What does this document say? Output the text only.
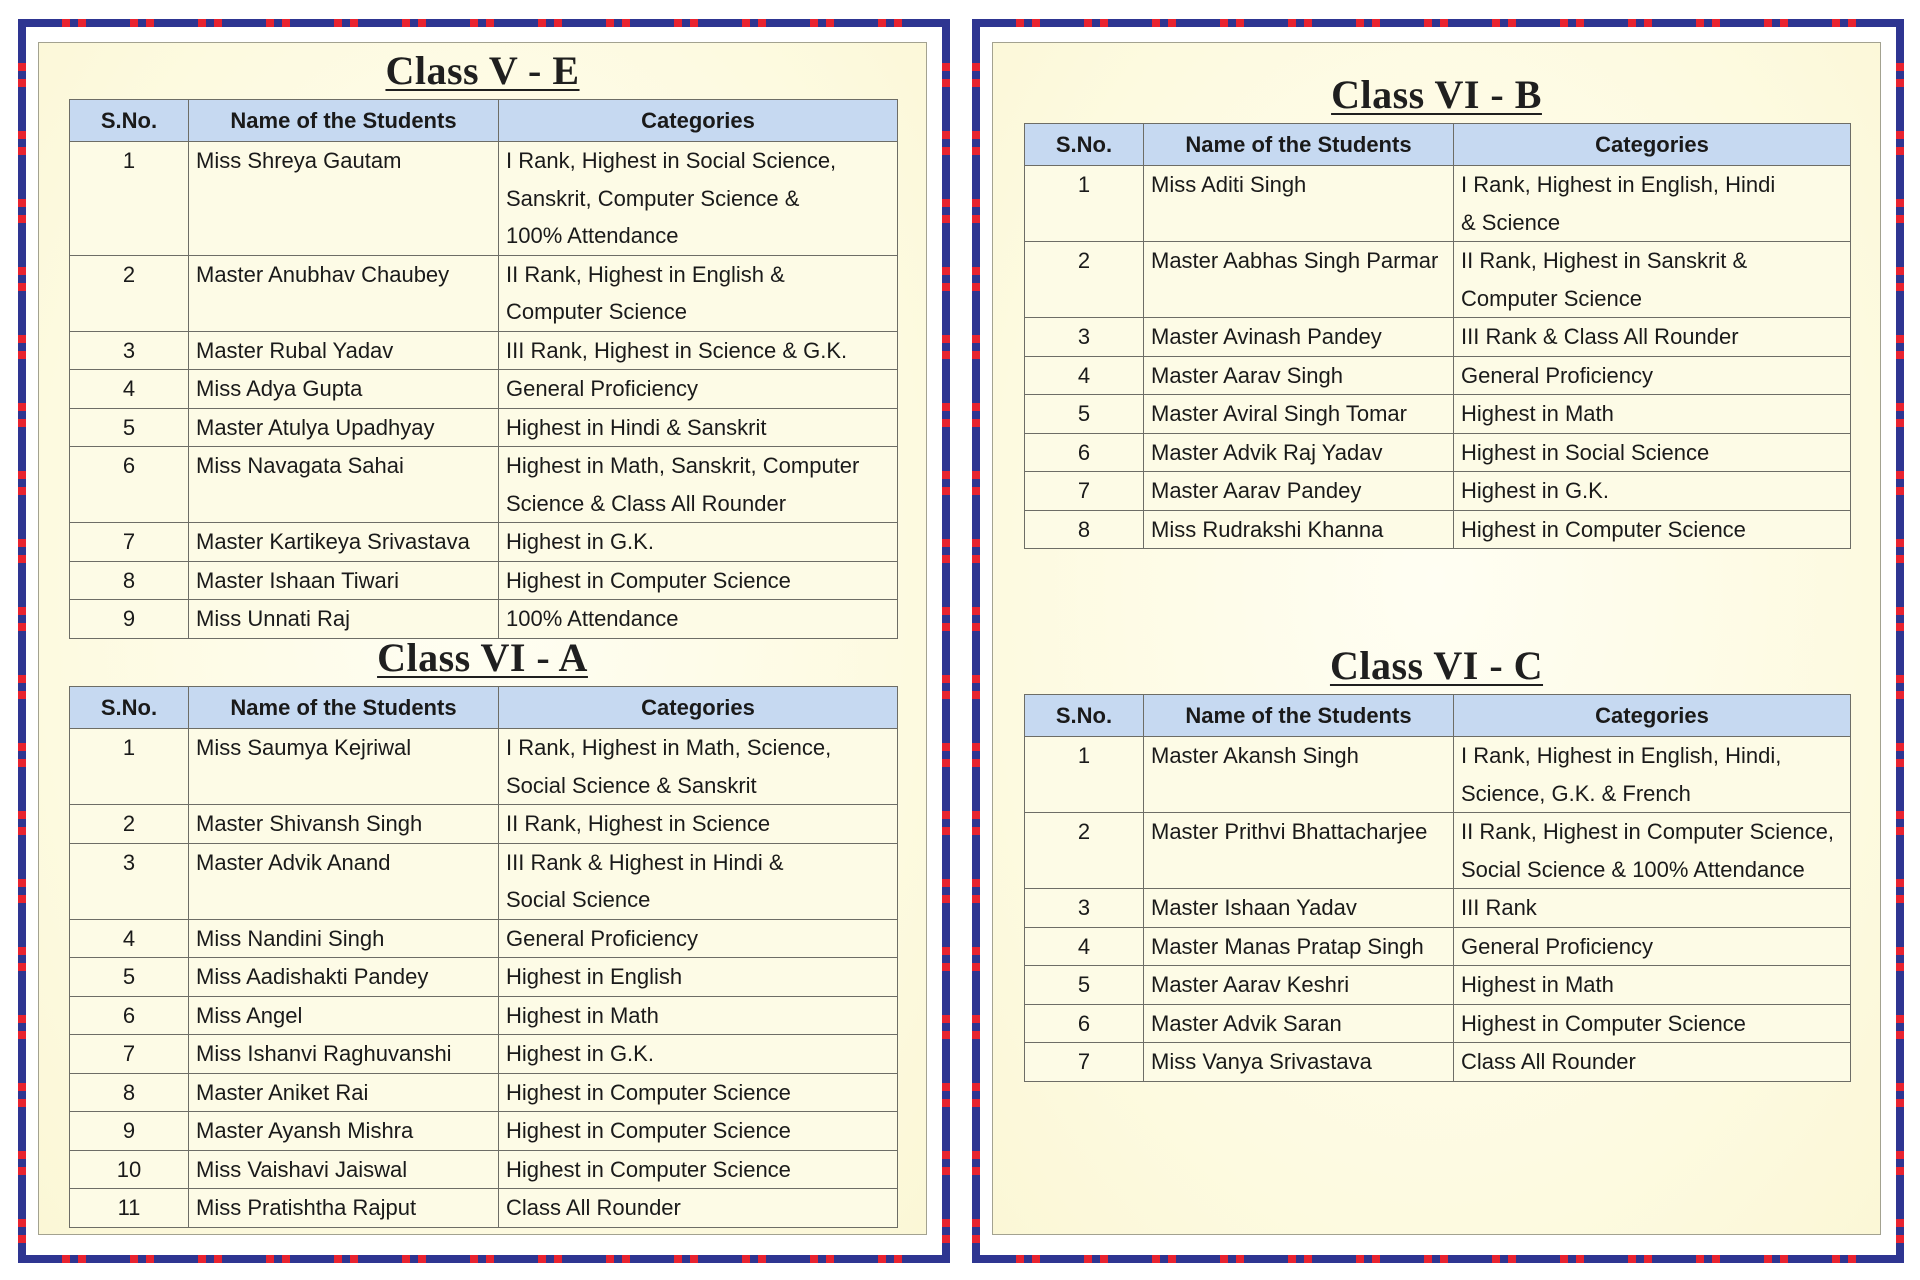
Class V - E
S.No.	Name of the Students	Categories
1	Miss Shreya Gautam	I Rank, Highest in Social Science,
Sanskrit, Computer Science &
100% Attendance

2	Master Anubhav Chaubey	II Rank, Highest in English &
Computer Science

3	Master Rubal Yadav	III Rank, Highest in Science & G.K.

4	Miss Adya Gupta	General Proficiency

5	Master Atulya Upadhyay	Highest in Hindi & Sanskrit

6	Miss Navagata Sahai	Highest in Math, Sanskrit, Computer
Science & Class All Rounder

7	Master Kartikeya Srivastava	Highest in G.K.

8	Master Ishaan Tiwari	Highest in Computer Science

9	Miss Unnati Raj	100% Attendance
Class VI - A
S.No.	Name of the Students	Categories
1	Miss Saumya Kejriwal	I Rank, Highest in Math, Science,
Social Science & Sanskrit

2	Master Shivansh Singh	II Rank, Highest in Science

3	Master Advik Anand	III Rank & Highest in Hindi &
Social Science

4	Miss Nandini Singh	General Proficiency

5	Miss Aadishakti Pandey	Highest in English

6	Miss Angel	Highest in Math

7	Miss Ishanvi Raghuvanshi	Highest in G.K.

8	Master Aniket Rai	Highest in Computer Science

9	Master Ayansh Mishra	Highest in Computer Science

10	Miss Vaishavi Jaiswal	Highest in Computer Science

11	Miss Pratishtha Rajput	Class All Rounder
Class VI - B
S.No.	Name of the Students	Categories
1	Miss Aditi Singh	I Rank, Highest in English, Hindi
& Science

2	Master Aabhas Singh Parmar	II Rank, Highest in Sanskrit &
Computer Science

3	Master Avinash Pandey	III Rank & Class All Rounder

4	Master Aarav Singh	General Proficiency

5	Master Aviral Singh Tomar	Highest in Math

6	Master Advik Raj Yadav	Highest in Social Science

7	Master Aarav Pandey	Highest in G.K.

8	Miss Rudrakshi Khanna	Highest in Computer Science
Class VI - C
S.No.	Name of the Students	Categories
1	Master Akansh Singh	I Rank, Highest in English, Hindi,
Science, G.K. & French

2	Master Prithvi Bhattacharjee	II Rank, Highest in Computer Science,
Social Science & 100% Attendance

3	Master Ishaan Yadav	III Rank

4	Master Manas Pratap Singh	General Proficiency

5	Master Aarav Keshri	Highest in Math

6	Master Advik Saran	Highest in Computer Science

7	Miss Vanya Srivastava	Class All Rounder
